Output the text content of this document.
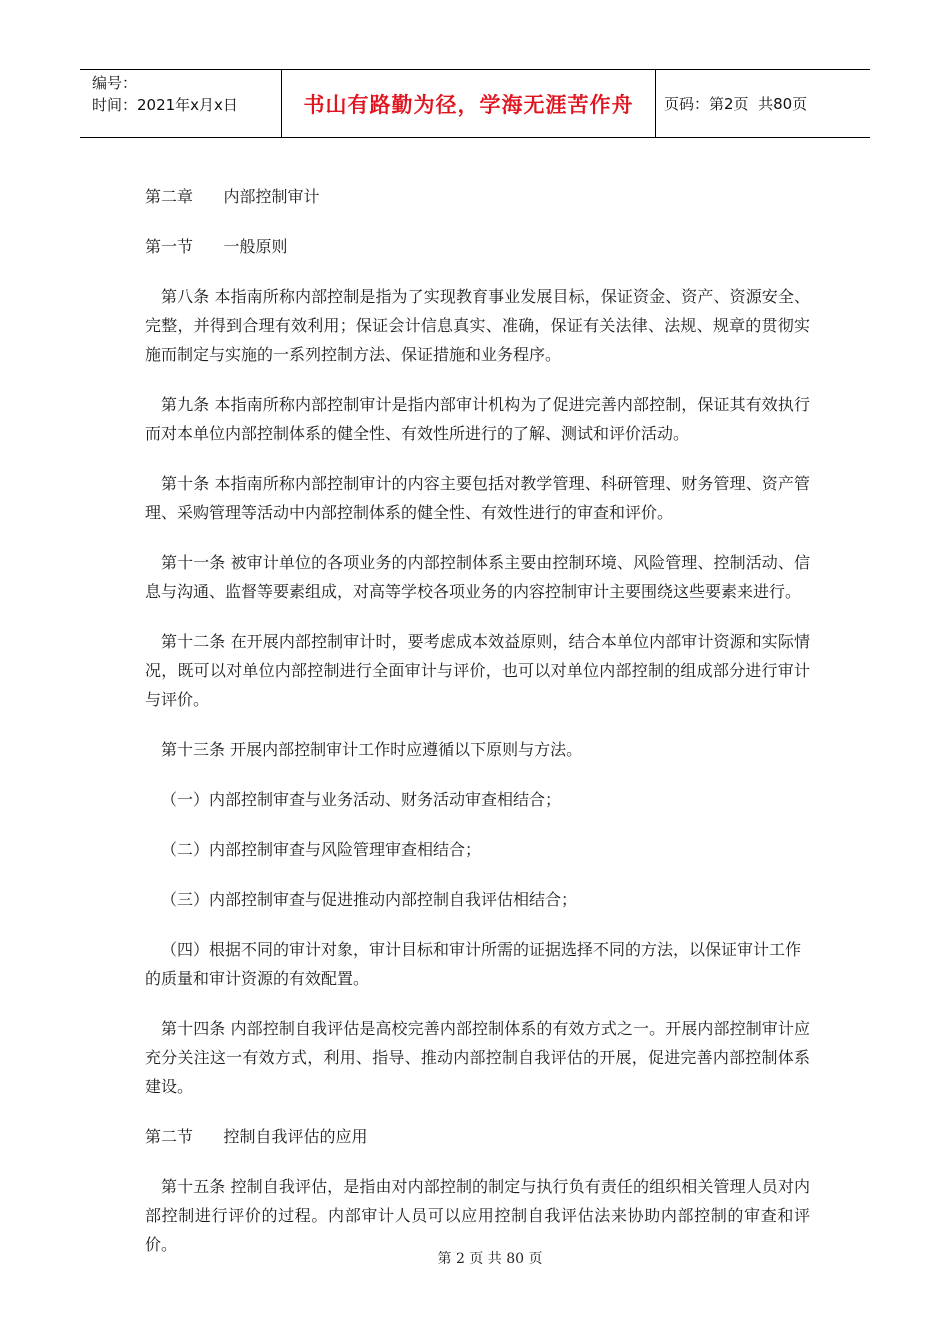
编号：
时间：2021年x月x日	书山有路勤为径，学海无涯苦作舟 页码：第2页  共80页

第二章      内部控制审计

第一节      一般原则

第八条 本指南所称内部控制是指为了实现教育事业发展目标，保证资金、资产、资源安全、完整，并得到合理有效利用；保证会计信息真实、准确，保证有关法律、法规、规章的贯彻实施而制定与实施的一系列控制方法、保证措施和业务程序。

第九条 本指南所称内部控制审计是指内部审计机构为了促进完善内部控制，保证其有效执行而对本单位内部控制体系的健全性、有效性所进行的了解、测试和评价活动。

第十条 本指南所称内部控制审计的内容主要包括对教学管理、科研管理、财务管理、资产管理、采购管理等活动中内部控制体系的健全性、有效性进行的审查和评价。

第十一条 被审计单位的各项业务的内部控制体系主要由控制环境、风险管理、控制活动、信息与沟通、监督等要素组成，对高等学校各项业务的内容控制审计主要围绕这些要素来进行。

第十二条 在开展内部控制审计时，要考虑成本效益原则，结合本单位内部审计资源和实际情况，既可以对单位内部控制进行全面审计与评价，也可以对单位内部控制的组成部分进行审计与评价。

第十三条 开展内部控制审计工作时应遵循以下原则与方法。

（一）内部控制审查与业务活动、财务活动审查相结合；

（二）内部控制审查与风险管理审查相结合；

（三）内部控制审查与促进推动内部控制自我评估相结合；

（四）根据不同的审计对象，审计目标和审计所需的证据选择不同的方法，以保证审计工作的质量和审计资源的有效配置。

第十四条 内部控制自我评估是高校完善内部控制体系的有效方式之一。开展内部控制审计应充分关注这一有效方式，利用、指导、推动内部控制自我评估的开展，促进完善内部控制体系建设。

第二节      控制自我评估的应用

第十五条 控制自我评估，是指由对内部控制的制定与执行负有责任的组织相关管理人员对内部控制进行评价的过程。内部审计人员可以应用控制自我评估法来协助内部控制的审查和评价。

第 2 页 共 80 页
